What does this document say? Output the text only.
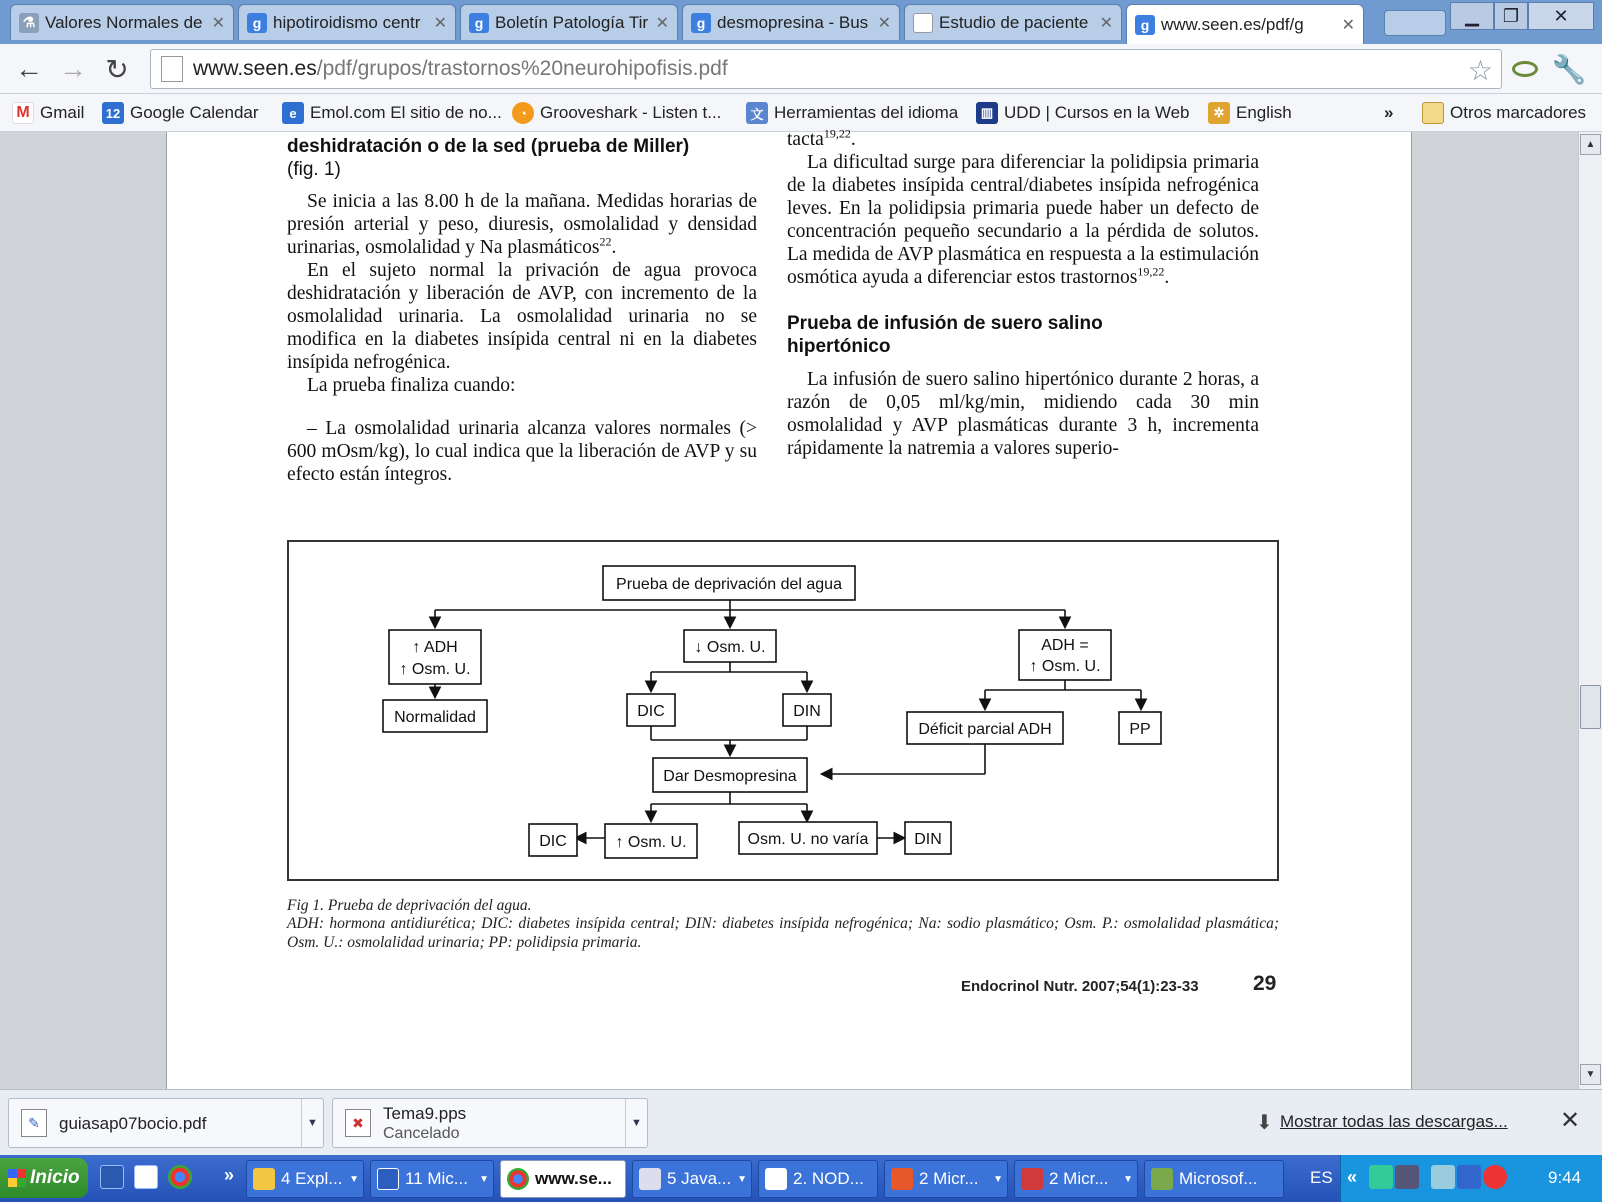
⚗ Valores Normales de ✕	g hipotiroidismo centr ✕	g Boletín Patología Tir ✕	g desmopresina - Bus ✕	Estudio de paciente ✕	g www.seen.es/pdf/g	✕	▁	❐	✕
← → ↻	www.seen.es /pdf/grupos/trastornos%20neurohipofisis.pdf	☆ 🔧
M Gmail 12 Google Calendar	e Emol.com El sitio de no...	◔ Grooveshark - Listen t...	文 Herramientas del idioma	▥ UDD | Cursos en la Web	✲ English	»	Otros marcadores
deshidratación o de la sed (prueba de Miller)
(fig. 1)

Se inicia a las 8.00 h de la mañana. Medidas horarias de presión arterial y peso, diuresis, osmolalidad y densidad urinarias, osmolalidad y Na plasmáticos$^{22}$.

En el sujeto normal la privación de agua provoca deshidratación y liberación de AVP, con incremento de la osmolalidad urinaria. La osmolalidad urinaria no se modifica en la diabetes insípida central ni en la diabetes insípida nefrogénica.

La prueba finaliza cuando:

– La osmolalidad urinaria alcanza valores normales (> 600 mOsm/kg), lo cual indica que la liberación de AVP y su efecto están íntegros.

tacta$^{19,22}$.

La dificultad surge para diferenciar la polidipsia primaria de la diabetes insípida central/diabetes insípida nefrogénica leves. En la polidipsia primaria puede haber un defecto de concentración pequeño secundario a la pérdida de solutos. La medida de AVP plasmática en respuesta a la estimulación osmótica ayuda a diferenciar estos trastornos$^{19,22}$.

Prueba de infusión de suero salino hipertónico

La infusión de suero salino hipertónico durante 2 horas, a razón de 0,05 ml/kg/min, midiendo cada 30 min osmolalidad y AVP plasmáticas durante 3 h, incrementa rápidamente la natremia a valores superio-

Prueba de deprivación del agua
↑ ADH
↑ Osm. U.
Normalidad
↓ Osm. U.
DIC	DIN
ADH =
↑ Osm. U.
Déficit parcial ADH	PP
Dar Desmopresina
DIC	↑ Osm. U.	Osm. U. no varía	DIN
Fig 1. Prueba de deprivación del agua.
ADH: hormona antidiurética; DIC: diabetes insípida central; DIN: diabetes insípida nefrogénica; Na: sodio plasmático; Osm. P.: osmolalidad plasmática; Osm. U.: osmolalidad urinaria; PP: polidipsia primaria.
Endocrinol Nutr. 2007;54(1):23-33	29
▲
▼
✎	guiasap07bocio.pdf	▼	✖	Tema9.pps
Cancelado
▼	⬇ Mostrar todas las descargas... ✕
Inicio	»	4 Expl... ▼	11 Mic... ▼	www.se...	5 Java... ▼	2. NOD...	2 Micr... ▼	2 Micr... ▼	Microsof...	ES «	9:44
